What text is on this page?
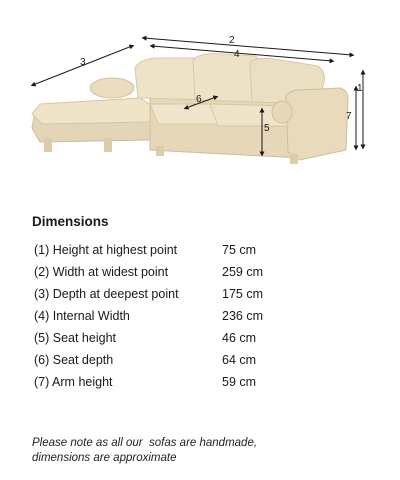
2
4
3
1
7
5
6
Dimensions
(1) Height at highest point	75 cm
(2) Width at widest point	259 cm
(3) Depth at deepest point	175 cm
(4) Internal Width	236 cm
(5) Seat height	46 cm
(6) Seat depth	64 cm
(7) Arm height	59 cm
Please note as all our  sofas are handmade,
dimensions are approximate
